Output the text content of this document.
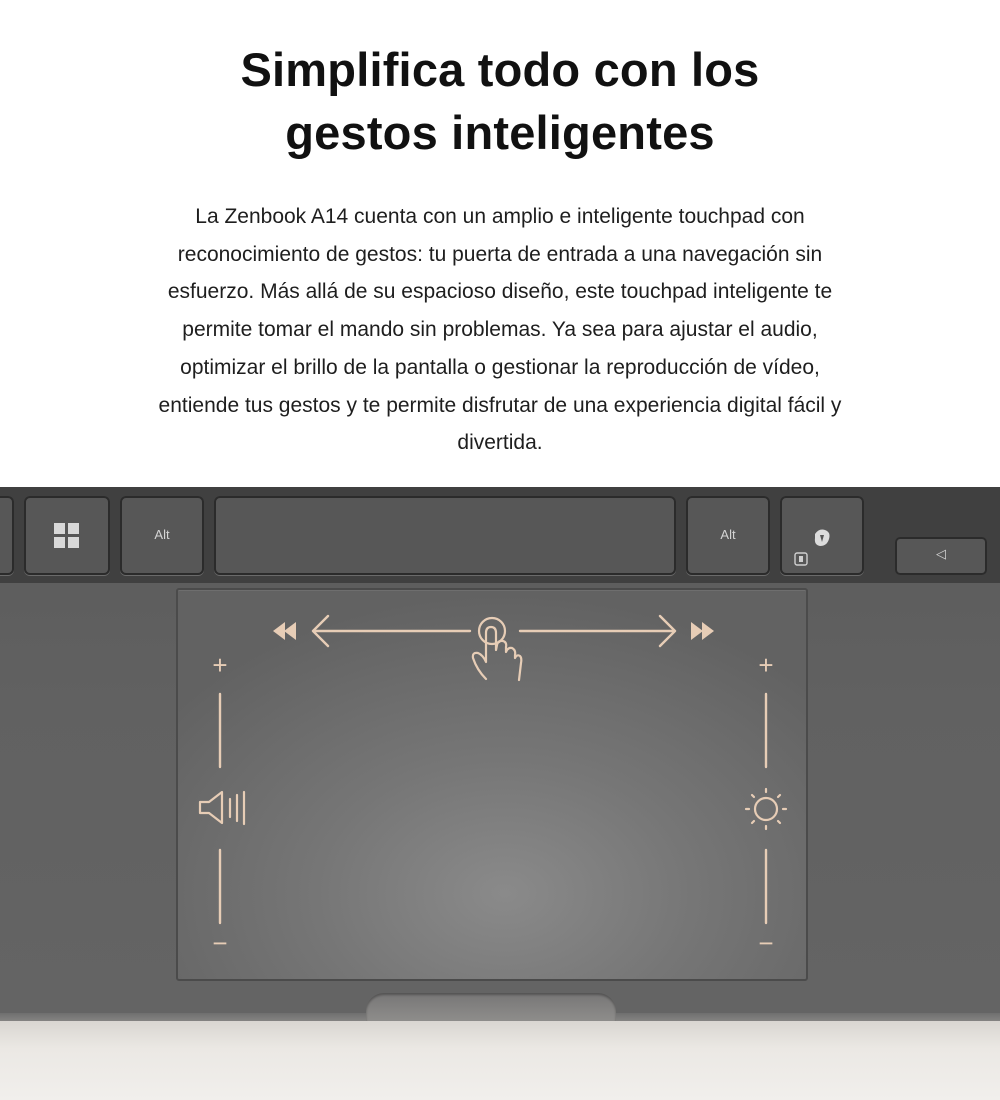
Simplifica todo con los
gestos inteligentes
La Zenbook A14 cuenta con un amplio e inteligente touchpad con
reconocimiento de gestos: tu puerta de entrada a una navegación sin
esfuerzo. Más allá de su espacioso diseño, este touchpad inteligente te
permite tomar el mando sin problemas. Ya sea para ajustar el audio,
optimizar el brillo de la pantalla o gestionar la reproducción de vídeo,
entiende tus gestos y te permite disfrutar de una experiencia digital fácil y
divertida.
Alt	Alt
◁
+
−
+
−
